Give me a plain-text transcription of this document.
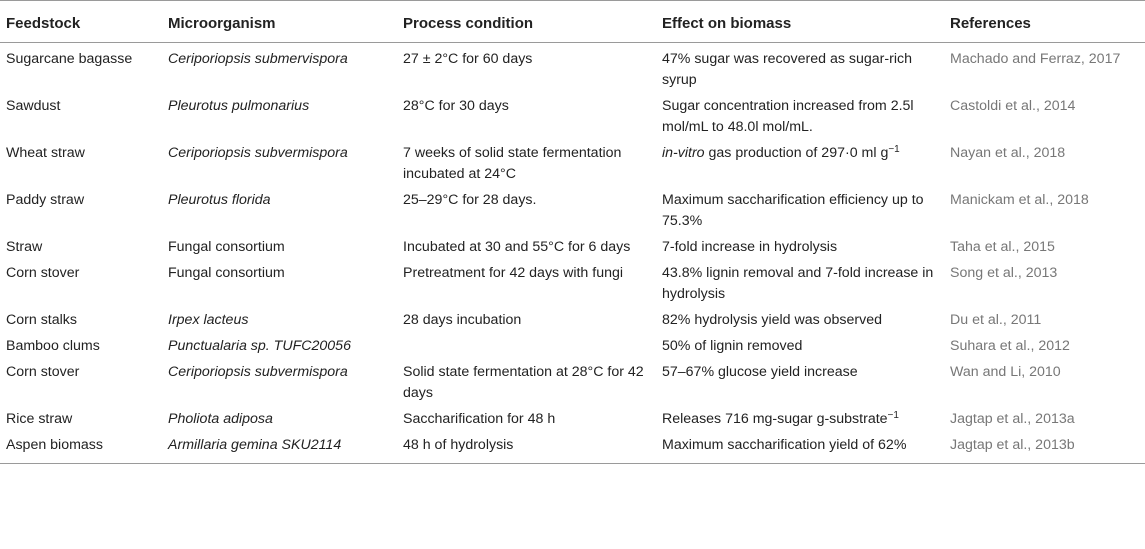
Feedstock	Microorganism	Process condition	Effect on biomass	References
Sugarcane bagasse	Ceriporiopsis submervispora	27 ± 2°C for 60 days	47% sugar was recovered as sugar-rich syrup	Machado and Ferraz, 2017
Sawdust	Pleurotus pulmonarius	28°C for 30 days	Sugar concentration increased from 2.5l mol/mL to 48.0l mol/mL.	Castoldi et al., 2014
Wheat straw	Ceriporiopsis subvermispora	7 weeks of solid state fermentation incubated at 24°C	in-vitro gas production of 297·0 ml $g^{-1}$	Nayan et al., 2018
Paddy straw	Pleurotus florida	25–29°C for 28 days.	Maximum saccharification efficiency up to 75.3%	Manickam et al., 2018
Straw	Fungal consortium	Incubated at 30 and 55°C for 6 days	7-fold increase in hydrolysis	Taha et al., 2015
Corn stover	Fungal consortium	Pretreatment for 42 days with fungi	43.8% lignin removal and 7-fold increase in hydrolysis	Song et al., 2013
Corn stalks	Irpex lacteus	28 days incubation	82% hydrolysis yield was observed	Du et al., 2011
Bamboo clums	Punctualaria sp. TUFC20056		50% of lignin removed	Suhara et al., 2012
Corn stover	Ceriporiopsis subvermispora	Solid state fermentation at 28°C for 42 days	57–67% glucose yield increase	Wan and Li, 2010
Rice straw	Pholiota adiposa	Saccharification for 48 h	Releases 716 mg-sugar g-substrate$^{-1}$	Jagtap et al., 2013a
Aspen biomass	Armillaria gemina SKU2114	48 h of hydrolysis	Maximum saccharification yield of 62%	Jagtap et al., 2013b
